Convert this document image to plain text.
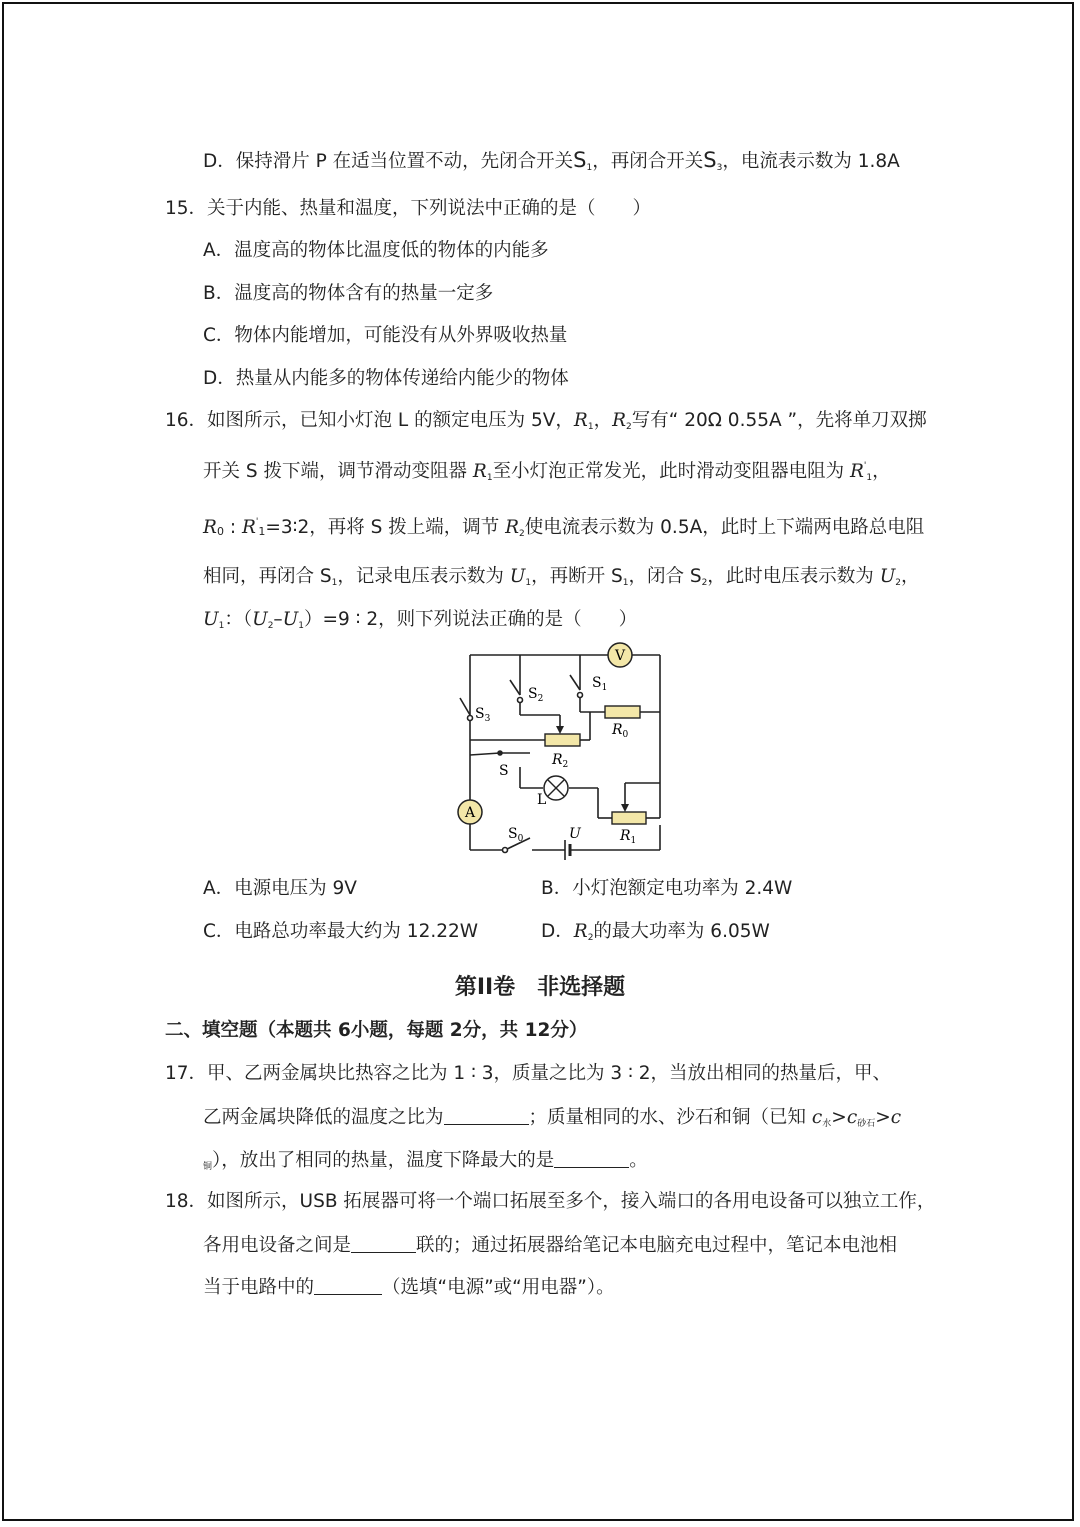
D．保持滑片 P 在适当位置不动，先闭合开关S1，再闭合开关S3，电流表示数为 1.8A
15．关于内能、热量和温度，下列说法中正确的是（　　）
A．温度高的物体比温度低的物体的内能多
B．温度高的物体含有的热量一定多
C．物体内能增加，可能没有从外界吸收热量
D．热量从内能多的物体传递给内能少的物体
16．如图所示，已知小灯泡 L 的额定电压为 5V，R1，R2写有“ 20Ω 0.55A ”，先将单刀双掷
开关 S 拨下端，调节滑动变阻器 R1至小灯泡正常发光，此时滑动变阻器电阻为 R'1，
R0 : R'1=3∶2，再将 S 拨上端，调节 R2使电流表示数为 0.5A，此时上下端两电路总电阻
相同，再闭合 S1，记录电压表示数为 U1，再断开 S1，闭合 S2，此时电压表示数为 U2，
U1：（U2–U1）=9 ∶ 2，则下列说法正确的是（　　）
V
A
$S_3$
$S_2$
$S_1$
$R_0$
$R_2$
$R_1$
S
L
$S_0$	U
A．电源电压为 9V	B．小灯泡额定电功率为 2.4W
C．电路总功率最大约为 12.22W	D．R2的最大功率为 6.05W
第II卷　非选择题
二、填空题（本题共 6小题，每题 2分，共 12分）
17．甲、乙两金属块比热容之比为 1 ∶ 3，质量之比为 3 ∶ 2，当放出相同的热量后，甲、
乙两金属块降低的温度之比为	；质量相同的水、沙石和铜（已知 c水>c砂石>c
铜），放出了相同的热量，温度下降最大的是	。
18．如图所示，USB 拓展器可将一个端口拓展至多个，接入端口的各用电设备可以独立工作，
各用电设备之间是	联的；通过拓展器给笔记本电脑充电过程中，笔记本电池相
当于电路中的	（选填“电源”或“用电器”）。
